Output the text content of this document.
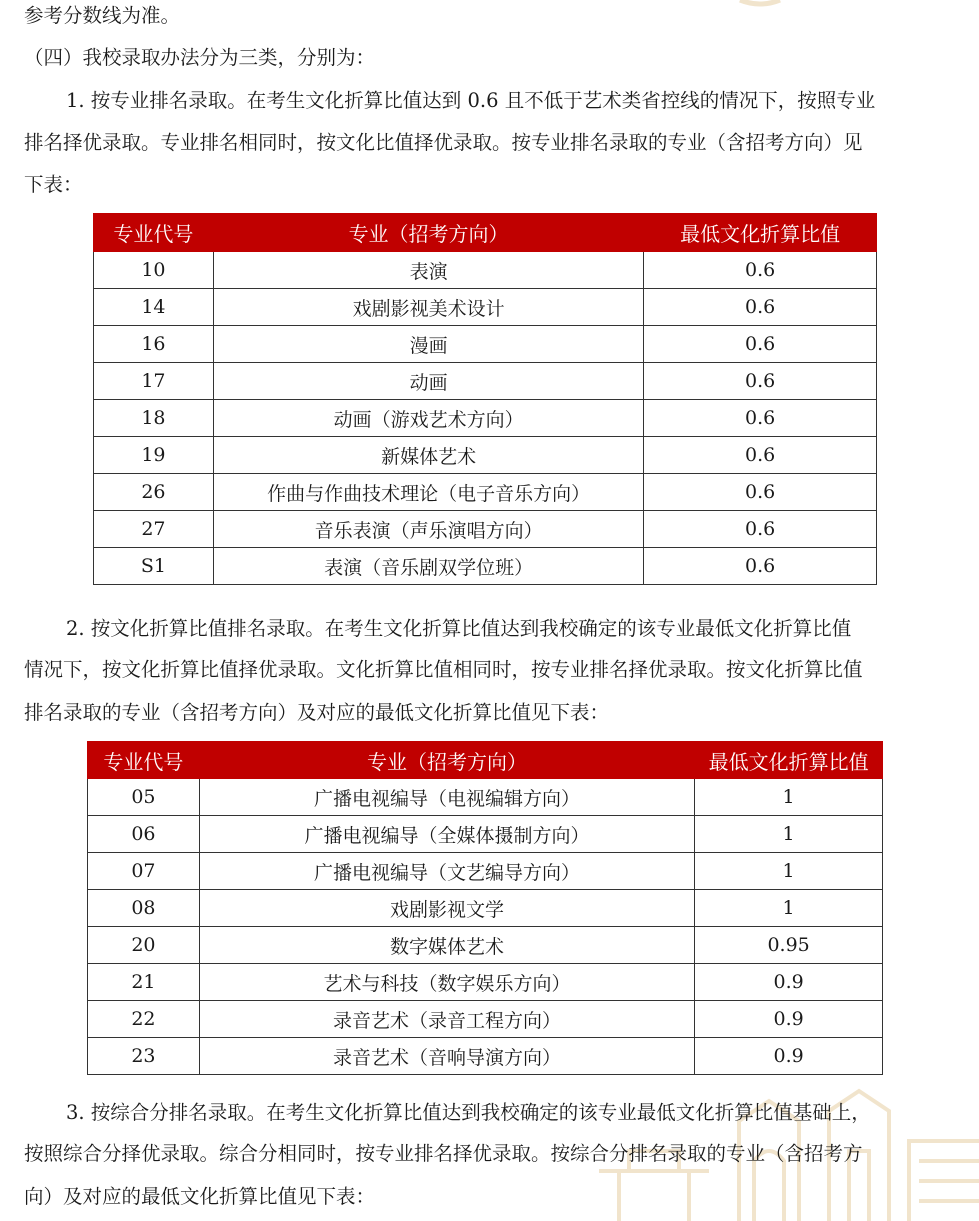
参考分数线为准。
（四）我校录取办法分为三类，分别为：
1. 按专业排名录取。在考生文化折算比值达到 0.6 且不低于艺术类省控线的情况下，按照专业
排名择优录取。专业排名相同时，按文化比值择优录取。按专业排名录取的专业（含招考方向）见
下表：
专业代号	专业（招考方向）	最低文化折算比值
10	表演	0.6
14	戏剧影视美术设计	0.6
16	漫画	0.6
17	动画	0.6
18	动画（游戏艺术方向）	0.6
19	新媒体艺术	0.6
26	作曲与作曲技术理论（电子音乐方向）	0.6
27	音乐表演（声乐演唱方向）	0.6
S1	表演（音乐剧双学位班）	0.6
2. 按文化折算比值排名录取。在考生文化折算比值达到我校确定的该专业最低文化折算比值
情况下，按文化折算比值择优录取。文化折算比值相同时，按专业排名择优录取。按文化折算比值
排名录取的专业（含招考方向）及对应的最低文化折算比值见下表：
专业代号	专业（招考方向）	最低文化折算比值
05	广播电视编导（电视编辑方向）	1
06	广播电视编导（全媒体摄制方向）	1
07	广播电视编导（文艺编导方向）	1
08	戏剧影视文学	1
20	数字媒体艺术	0.95
21	艺术与科技（数字娱乐方向）	0.9
22	录音艺术（录音工程方向）	0.9
23	录音艺术（音响导演方向）	0.9
3. 按综合分排名录取。在考生文化折算比值达到我校确定的该专业最低文化折算比值基础上，
按照综合分择优录取。综合分相同时，按专业排名择优录取。按综合分排名录取的专业（含招考方
向）及对应的最低文化折算比值见下表：
